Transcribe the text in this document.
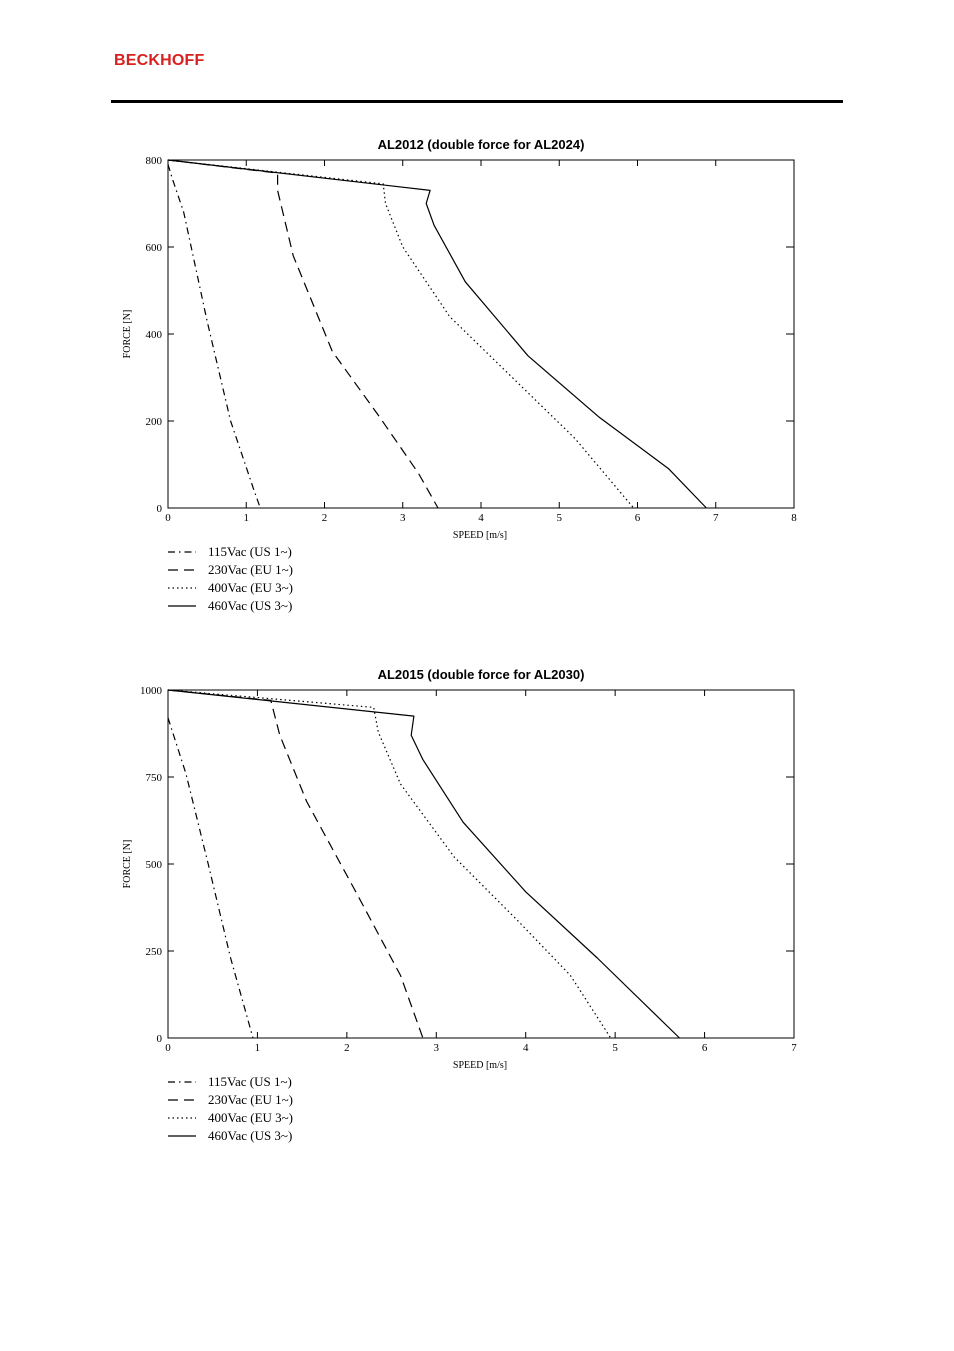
BECKHOFF
AL2012 (double force for AL2024)
0	1	2	3	4	5	6	7	8
0
200
400
600
800
SPEED [m/s]
FORCE [N]
115Vac (US 1~)
230Vac (EU 1~)
400Vac (EU 3~)
460Vac (US 3~)
AL2015 (double force for AL2030)
0	1	2	3	4	5	6	7
0
250
500
750
1000
SPEED [m/s]
FORCE [N]
115Vac (US 1~)
230Vac (EU 1~)
400Vac (EU 3~)
460Vac (US 3~)
